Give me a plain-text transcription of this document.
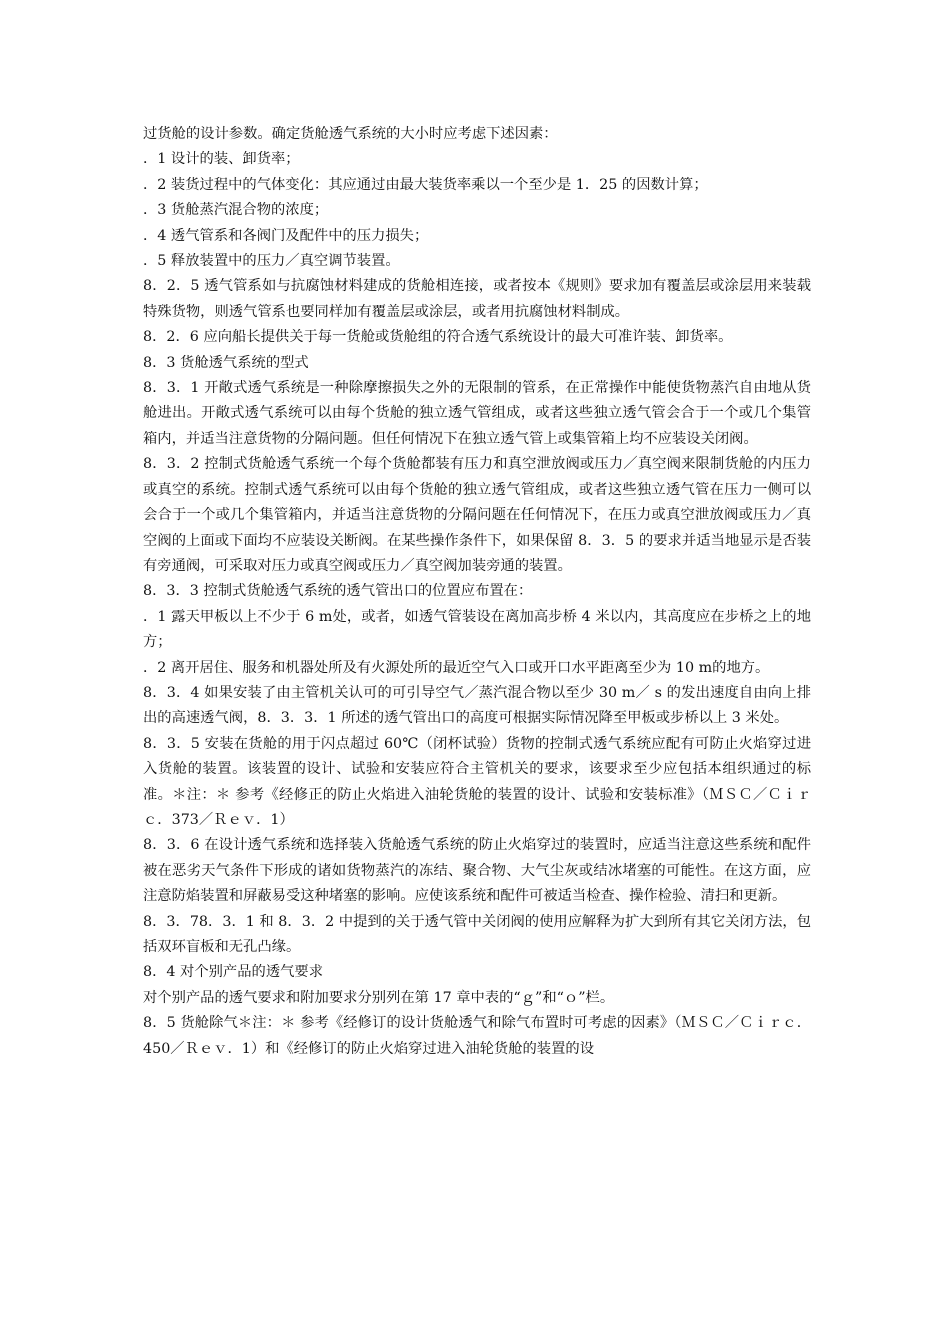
过货舱的设计参数。确定货舱透气系统的大小时应考虑下述因素：

．1 设计的装、卸货率；

．2 装货过程中的气体变化：其应通过由最大装货率乘以一个至少是 1．25 的因数计算；

．3 货舱蒸汽混合物的浓度；

．4 透气管系和各阀门及配件中的压力损失；

．5 释放装置中的压力／真空调节装置。

8．2．5 透气管系如与抗腐蚀材料建成的货舱相连接，或者按本《规则》要求加有覆盖层或涂层用来装载特殊货物，则透气管系也要同样加有覆盖层或涂层，或者用抗腐蚀材料制成。

8．2．6 应向船长提供关于每一货舱或货舱组的符合透气系统设计的最大可准许装、卸货率。

8．3 货舱透气系统的型式

8．3．1 开敞式透气系统是一种除摩擦损失之外的无限制的管系，在正常操作中能使货物蒸汽自由地从货舱进出。开敞式透气系统可以由每个货舱的独立透气管组成，或者这些独立透气管会合于一个或几个集管箱内，并适当注意货物的分隔问题。但任何情况下在独立透气管上或集管箱上均不应装设关闭阀。

8．3．2 控制式货舱透气系统一个每个货舱都装有压力和真空泄放阀或压力／真空阀来限制货舱的内压力或真空的系统。控制式透气系统可以由每个货舱的独立透气管组成，或者这些独立透气管在压力一侧可以会合于一个或几个集管箱内，并适当注意货物的分隔问题在任何情况下，在压力或真空泄放阀或压力／真空阀的上面或下面均不应装设关断阀。在某些操作条件下，如果保留 8．3．5 的要求并适当地显示是否装有旁通阀，可采取对压力或真空阀或压力／真空阀加装旁通的装置。

8．3．3 控制式货舱透气系统的透气管出口的位置应布置在：

．1 露天甲板以上不少于 6 m处，或者，如透气管装设在离加高步桥 4 米以内，其高度应在步桥之上的地方；

．2 离开居住、服务和机器处所及有火源处所的最近空气入口或开口水平距离至少为 10 m的地方。

8．3．4 如果安装了由主管机关认可的可引导空气／蒸汽混合物以至少 30 m／ s 的发出速度自由向上排出的高速透气阀，8．3．3．1 所述的透气管出口的高度可根据实际情况降至甲板或步桥以上 3 米处。

8．3．5 安装在货舱的用于闪点超过 60℃（闭杯试验）货物的控制式透气系统应配有可防止火焰穿过进入货舱的装置。该装置的设计、试验和安装应符合主管机关的要求，该要求至少应包括本组织通过的标准。＊注：＊ 参考《经修正的防止火焰进入油轮货舱的装置的设计、试验和安装标准》（ＭＳＣ／Ｃｉｒｃ．373／Ｒｅｖ．1）

8．3．6 在设计透气系统和选择装入货舱透气系统的防止火焰穿过的装置时，应适当注意这些系统和配件被在恶劣天气条件下形成的诸如货物蒸汽的冻结、聚合物、大气尘灰或结冰堵塞的可能性。在这方面，应注意防焰装置和屏蔽易受这种堵塞的影响。应使该系统和配件可被适当检查、操作检验、清扫和更新。

8．3．78．3．1 和 8．3．2 中提到的关于透气管中关闭阀的使用应解释为扩大到所有其它关闭方法，包括双环盲板和无孔凸缘。

8．4 对个别产品的透气要求

对个别产品的透气要求和附加要求分别列在第 17 章中表的“ｇ”和“ｏ”栏。

8．5 货舱除气＊注：＊ 参考《经修订的设计货舱透气和除气布置时可考虑的因素》（ＭＳＣ／Ｃｉｒｃ．450／Ｒｅｖ．1）和《经修订的防止火焰穿过进入油轮货舱的装置的设
